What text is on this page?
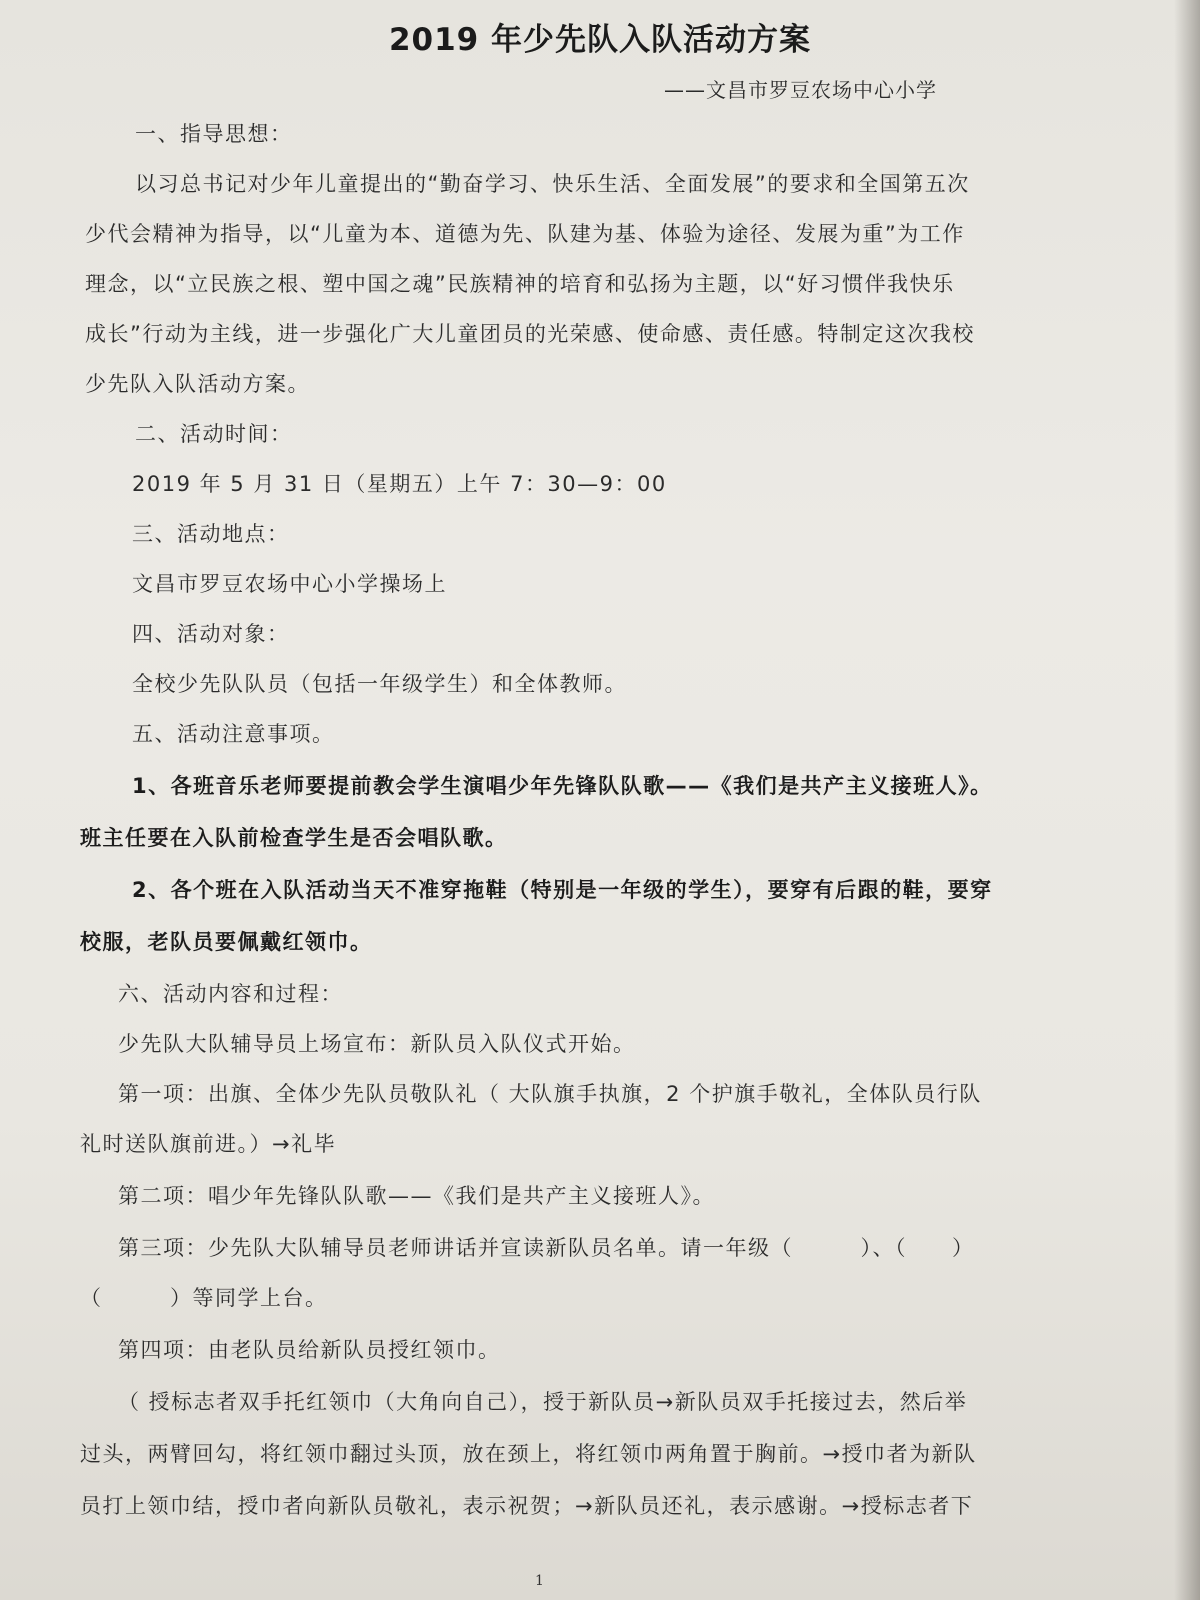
2019 年少先队入队活动方案
——文昌市罗豆农场中心小学
一、指导思想：
以习总书记对少年儿童提出的“勤奋学习、快乐生活、全面发展”的要求和全国第五次
少代会精神为指导，以“儿童为本、道德为先、队建为基、体验为途径、发展为重”为工作
理念，以“立民族之根、塑中国之魂”民族精神的培育和弘扬为主题，以“好习惯伴我快乐
成长”行动为主线，进一步强化广大儿童团员的光荣感、使命感、责任感。特制定这次我校
少先队入队活动方案。
二、活动时间：
2019 年 5 月 31 日（星期五）上午 7：30—9：00
三、活动地点：
文昌市罗豆农场中心小学操场上
四、活动对象：
全校少先队队员（包括一年级学生）和全体教师。
五、活动注意事项。
1、各班音乐老师要提前教会学生演唱少年先锋队队歌——《我们是共产主义接班人》。
班主任要在入队前检查学生是否会唱队歌。
2、各个班在入队活动当天不准穿拖鞋（特别是一年级的学生），要穿有后跟的鞋，要穿
校服，老队员要佩戴红领巾。
六、活动内容和过程：
少先队大队辅导员上场宣布：新队员入队仪式开始。
第一项：出旗、全体少先队员敬队礼（ 大队旗手执旗，2 个护旗手敬礼，全体队员行队
礼时送队旗前进。）→礼毕
第二项：唱少年先锋队队歌——《我们是共产主义接班人》。
第三项：少先队大队辅导员老师讲话并宣读新队员名单。请一年级（　　　）、（　　）
（　　　）等同学上台。
第四项：由老队员给新队员授红领巾。
（ 授标志者双手托红领巾（大角向自己），授于新队员→新队员双手托接过去，然后举
过头，两臂回勾，将红领巾翻过头顶，放在颈上，将红领巾两角置于胸前。→授巾者为新队
员打上领巾结，授巾者向新队员敬礼，表示祝贺；→新队员还礼，表示感谢。→授标志者下
1
